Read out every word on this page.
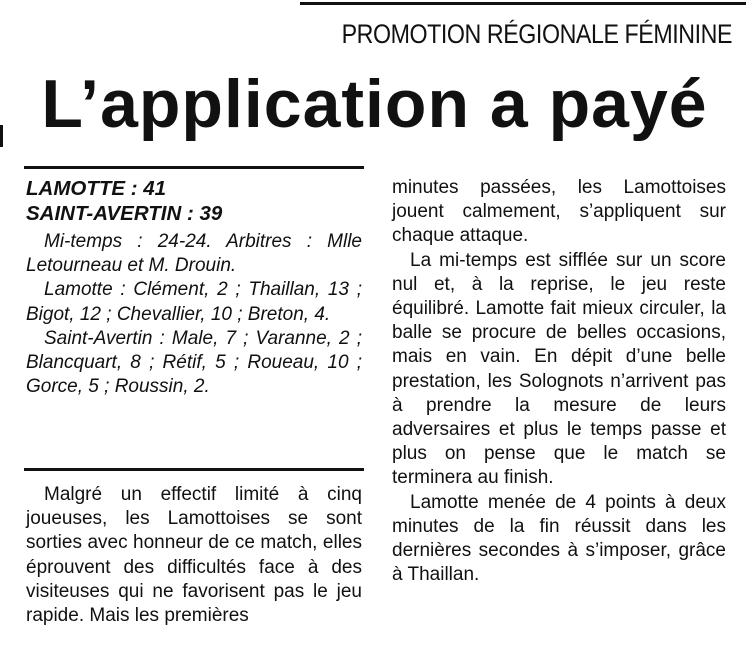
PROMOTION RÉGIONALE FÉMININE
L’application a payé
LAMOTTE : 41
SAINT-AVERTIN : 39

Mi-temps : 24-24. Arbitres : Mlle Letourneau et M. Drouin.

Lamotte : Clément, 2 ; Thaillan, 13 ; Bigot, 12 ; Chevallier, 10 ; Breton, 4.

Saint-Avertin : Male, 7 ; Varanne, 2 ; Blancquart, 8 ; Rétif, 5 ; Roueau, 10 ; Gorce, 5 ; Roussin, 2.

Malgré un effectif limité à cinq joueuses, les Lamottoises se sont sorties avec honneur de ce match, elles éprouvent des difficultés face à des visiteuses qui ne favorisent pas le jeu rapide. Mais les premières

minutes passées, les Lamottoises jouent calmement, s’appliquent sur chaque attaque.

La mi-temps est sifflée sur un score nul et, à la reprise, le jeu reste équilibré. Lamotte fait mieux circuler, la balle se procure de belles occasions, mais en vain. En dépit d’une belle prestation, les Solognots n’arrivent pas à prendre la mesure de leurs adversaires et plus le temps passe et plus on pense que le match se terminera au finish.

Lamotte menée de 4 points à deux minutes de la fin réussit dans les dernières secondes à s’imposer, grâce à Thaillan.
